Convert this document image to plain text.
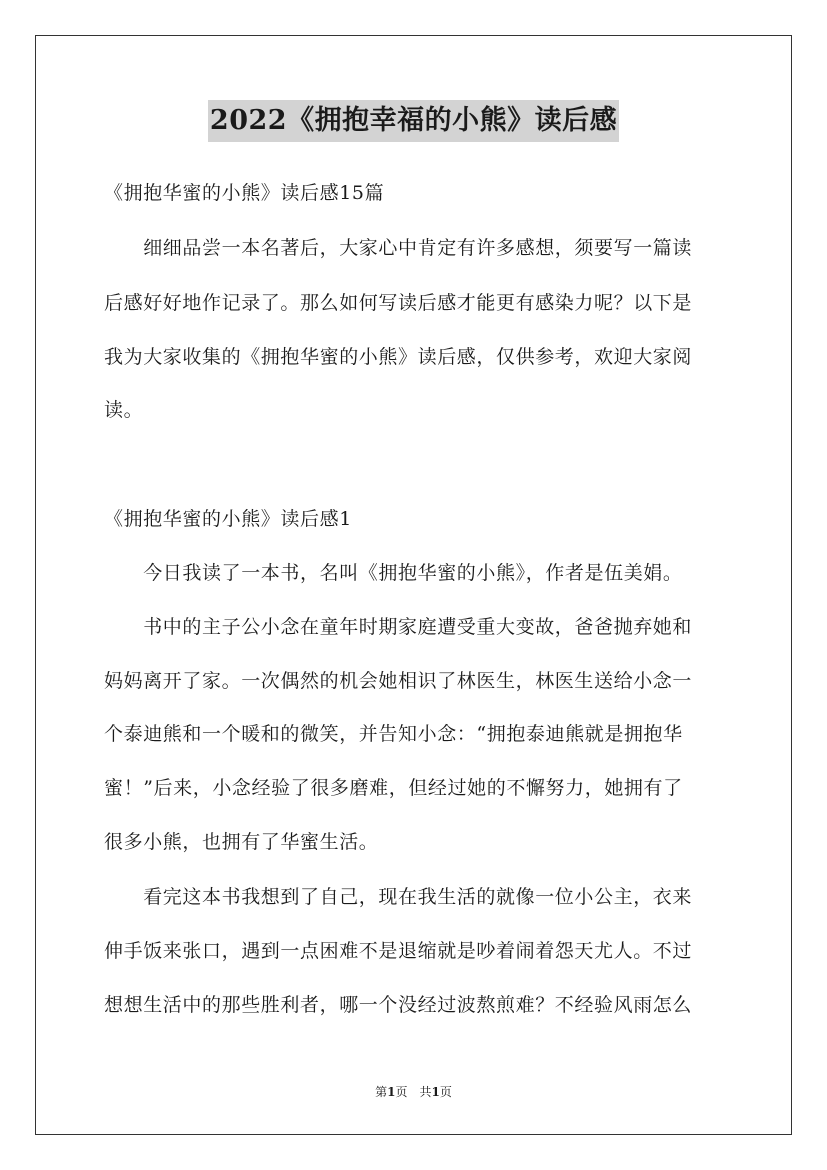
2022《拥抱幸福的小熊》读后感
《拥抱华蜜的小熊》读后感15篇
　　细细品尝一本名著后，大家心中肯定有许多感想，须要写一篇读
后感好好地作记录了。那么如何写读后感才能更有感染力呢？以下是
我为大家收集的《拥抱华蜜的小熊》读后感，仅供参考，欢迎大家阅
读。
《拥抱华蜜的小熊》读后感1
　　今日我读了一本书，名叫《拥抱华蜜的小熊》，作者是伍美娟。
　　书中的主子公小念在童年时期家庭遭受重大变故，爸爸抛弃她和
妈妈离开了家。一次偶然的机会她相识了林医生，林医生送给小念一
个泰迪熊和一个暖和的微笑，并告知小念：“拥抱泰迪熊就是拥抱华
蜜！”后来，小念经验了很多磨难，但经过她的不懈努力，她拥有了
很多小熊，也拥有了华蜜生活。
　　看完这本书我想到了自己，现在我生活的就像一位小公主，衣来
伸手饭来张口，遇到一点困难不是退缩就是吵着闹着怨天尤人。不过
想想生活中的那些胜利者，哪一个没经过波熬煎难？不经验风雨怎么
第1页　共1页
